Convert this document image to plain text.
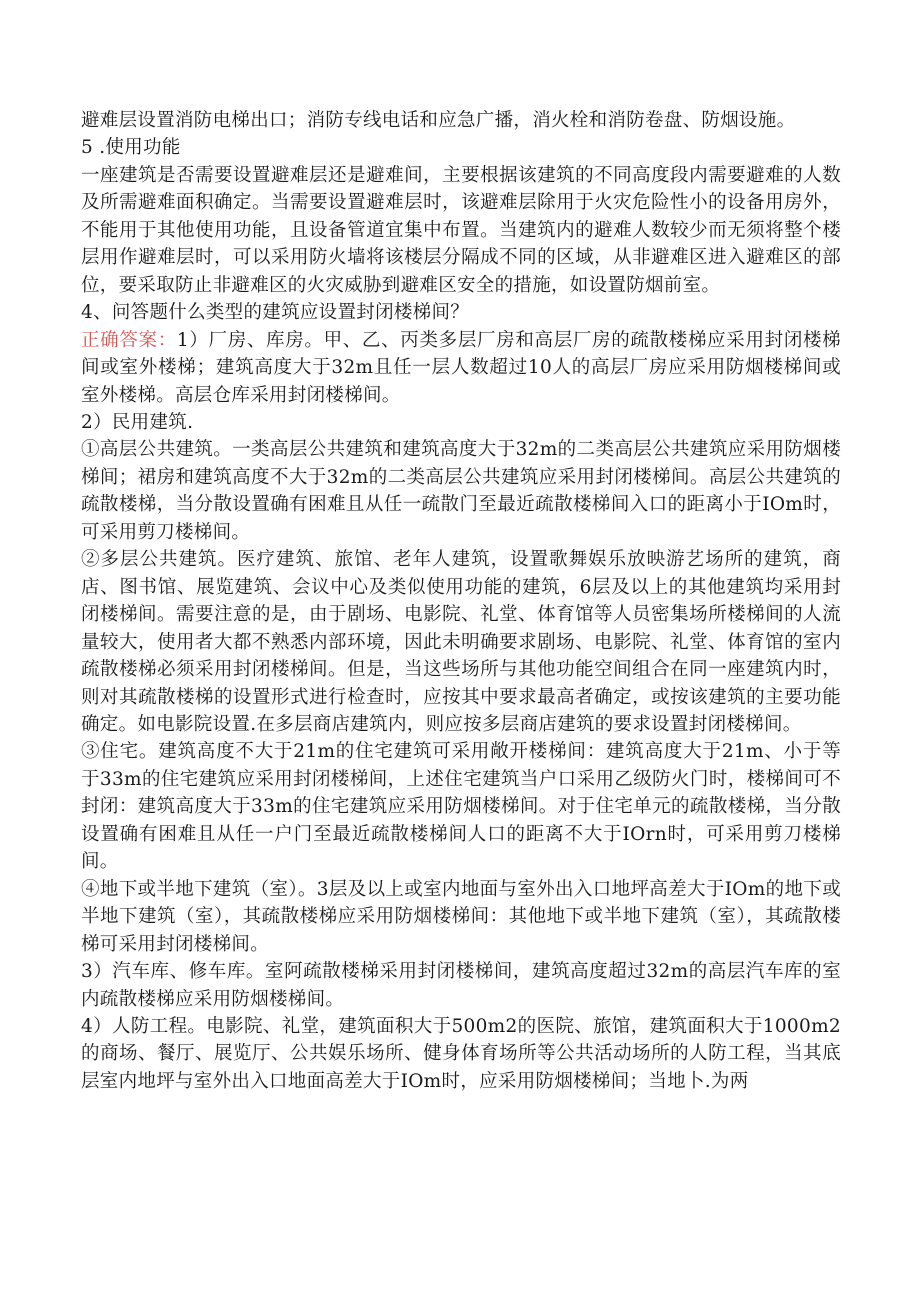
避难层设置消防电梯出口；消防专线电话和应急广播，消火栓和消防卷盘、防烟设施。

5 .使用功能

一座建筑是否需要设置避难层还是避难间，主要根据该建筑的不同高度段内需要避难的人数及所需避难面积确定。当需要设置避难层时，该避难层除用于火灾危险性小的设备用房外，不能用于其他使用功能，且设备管道宜集中布置。当建筑内的避难人数较少而无须将整个楼层用作避难层时，可以采用防火墙将该楼层分隔成不同的区域，从非避难区进入避难区的部位，要采取防止非避难区的火灾威胁到避难区安全的措施，如设置防烟前室。

4、问答题什么类型的建筑应设置封闭楼梯间？

正确答案：1）厂房、库房。甲、乙、丙类多层厂房和高层厂房的疏散楼梯应采用封闭楼梯间或室外楼梯；建筑高度大于32m且任一层人数超过10人的高层厂房应采用防烟楼梯间或室外楼梯。高层仓库采用封闭楼梯间。

2）民用建筑.

①高层公共建筑。一类高层公共建筑和建筑高度大于32m的二类高层公共建筑应采用防烟楼梯间；裙房和建筑高度不大于32m的二类高层公共建筑应采用封闭楼梯间。高层公共建筑的疏散楼梯，当分散设置确有困难且从任一疏散门至最近疏散楼梯间入口的距离小于IOm时，可采用剪刀楼梯间。

②多层公共建筑。医疗建筑、旅馆、老年人建筑，设置歌舞娱乐放映游艺场所的建筑，商店、图书馆、展览建筑、会议中心及类似使用功能的建筑，6层及以上的其他建筑均采用封闭楼梯间。需要注意的是，由于剧场、电影院、礼堂、体育馆等人员密集场所楼梯间的人流量较大，使用者大都不熟悉内部环境，因此未明确要求剧场、电影院、礼堂、体育馆的室内疏散楼梯必须采用封闭楼梯间。但是，当这些场所与其他功能空间组合在同一座建筑内时，则对其疏散楼梯的设置形式进行检查时，应按其中要求最高者确定，或按该建筑的主要功能确定。如电影院设置.在多层商店建筑内，则应按多层商店建筑的要求设置封闭楼梯间。

③住宅。建筑高度不大于21m的住宅建筑可采用敞开楼梯间：建筑高度大于21m、小于等于33m的住宅建筑应采用封闭楼梯间，上述住宅建筑当户口采用乙级防火门时，楼梯间可不封闭：建筑高度大于33m的住宅建筑应采用防烟楼梯间。对于住宅单元的疏散楼梯，当分散设置确有困难且从任一户门至最近疏散楼梯间人口的距离不大于IOrn时，可采用剪刀楼梯间。

④地下或半地下建筑（室）。3层及以上或室内地面与室外出入口地坪高差大于IOm的地下或半地下建筑（室），其疏散楼梯应采用防烟楼梯间：其他地下或半地下建筑（室），其疏散楼梯可采用封闭楼梯间。

3）汽车库、修车库。室阿疏散楼梯采用封闭楼梯间，建筑高度超过32m的高层汽车库的室内疏散楼梯应采用防烟楼梯间。

4）人防工程。电影院、礼堂，建筑面积大于500m2的医院、旅馆，建筑面积大于1000m2的商场、餐厅、展览厅、公共娱乐场所、健身体育场所等公共活动场所的人防工程，当其底层室内地坪与室外出入口地面高差大于IOm时，应采用防烟楼梯间；当地卜.为两
